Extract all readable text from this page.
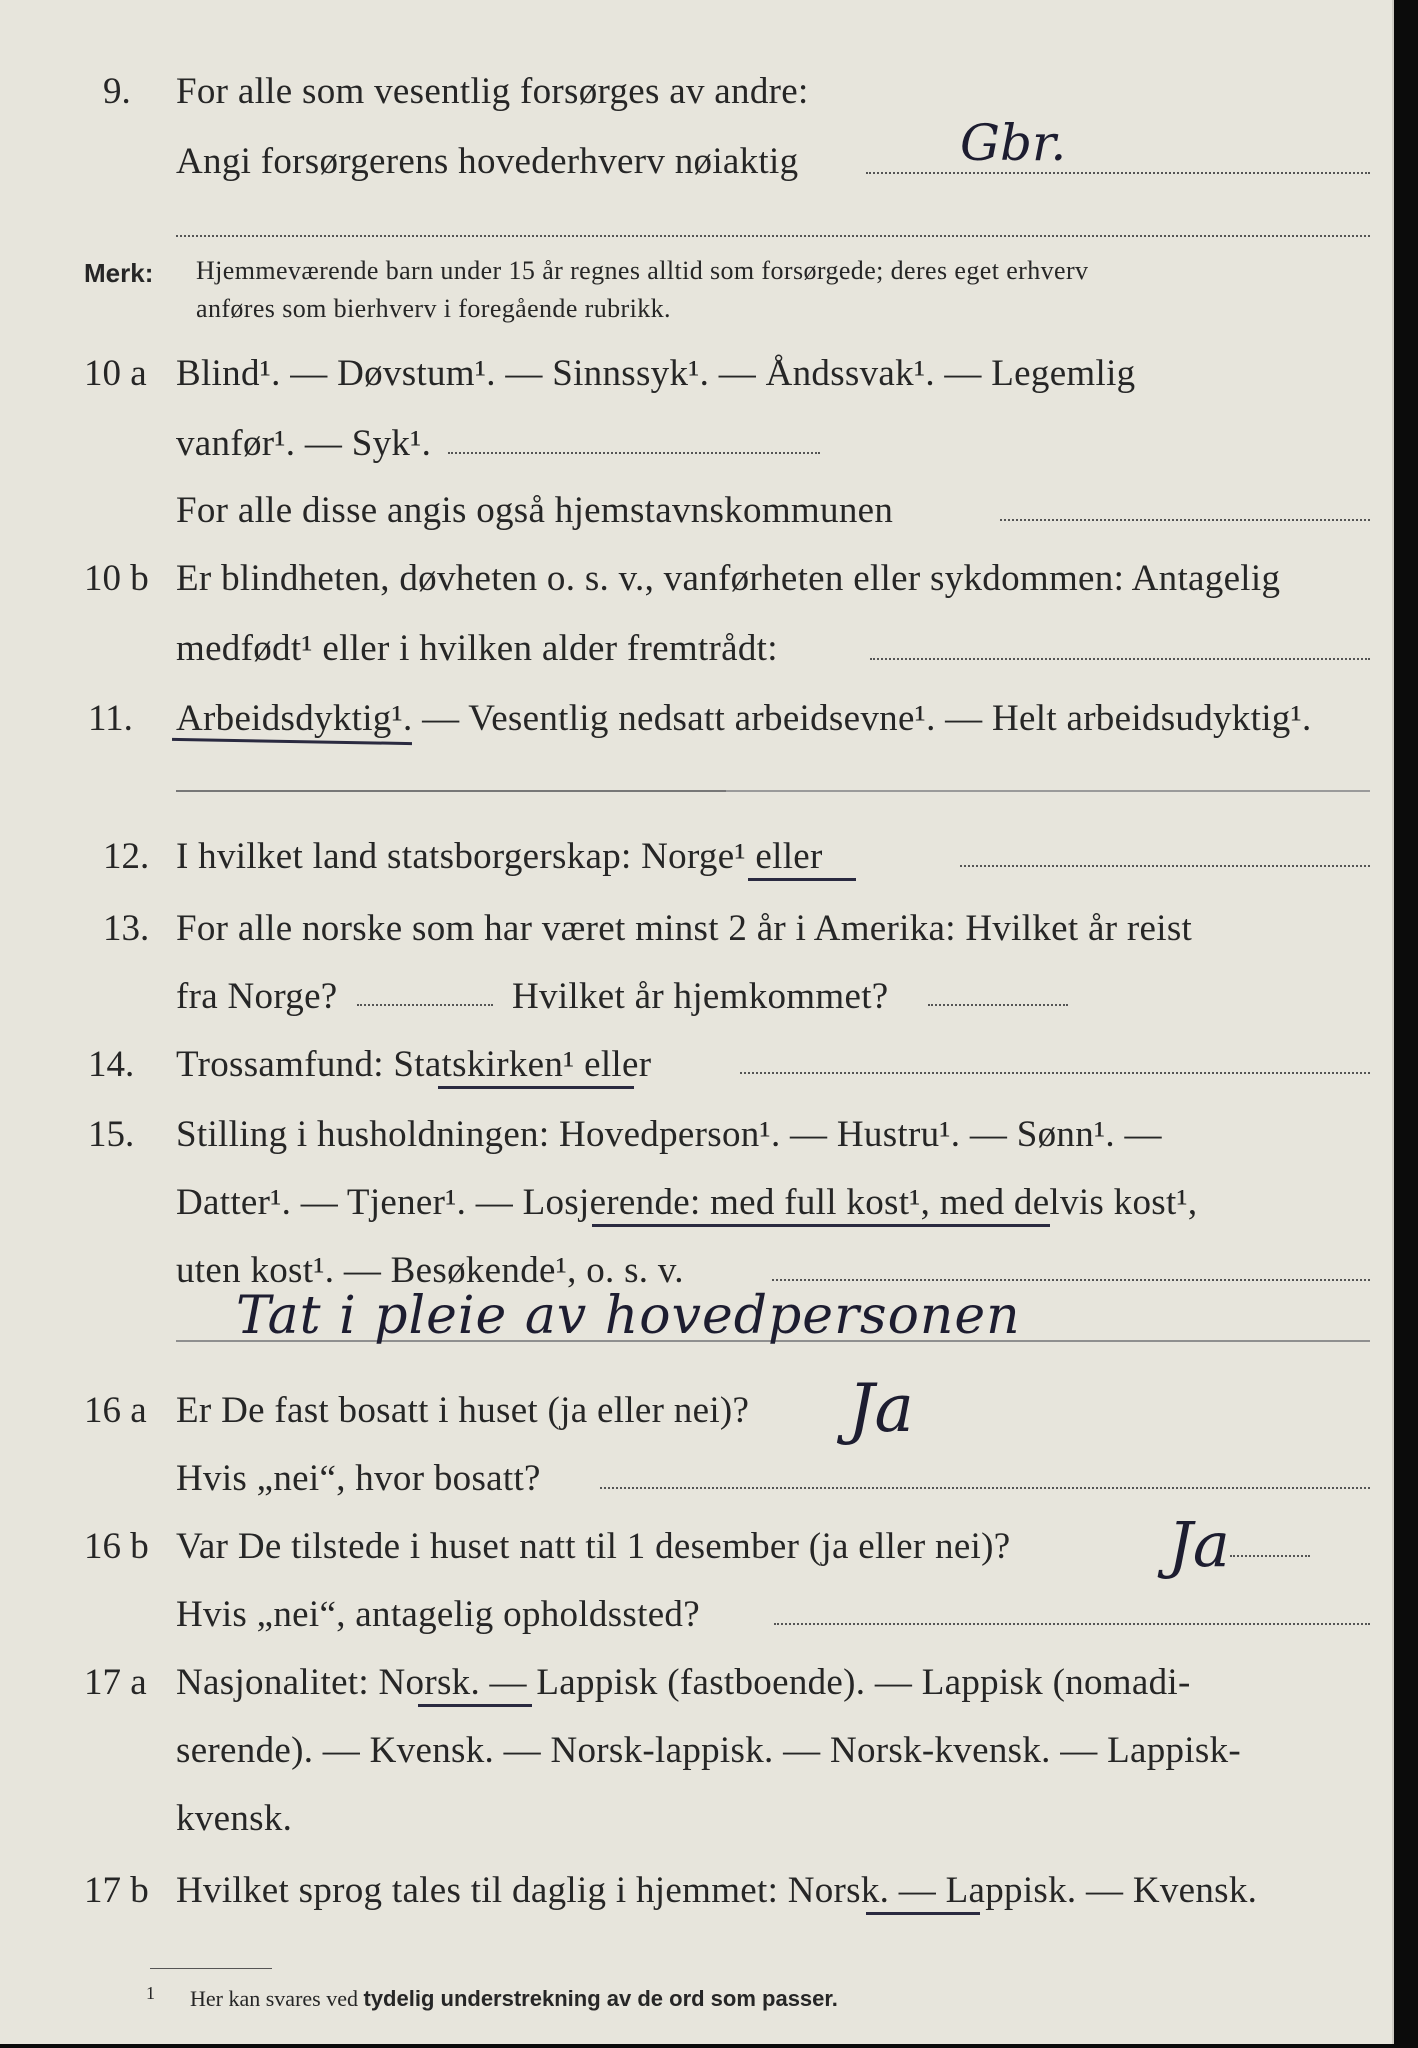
9. For alle som vesentlig forsørges av andre:
Angi forsørgerens hovederhverv nøiaktig	Gbr.
Merk: Hjemmeværende barn under 15 år regnes alltid som forsørgede; deres eget erhverv
anføres som bierhverv i foregående rubrikk.
10 a Blind¹. — Døvstum¹. — Sinnssyk¹. — Åndssvak¹. — Legemlig
vanfør¹. — Syk¹.
For alle disse angis også hjemstavnskommunen
10 b Er blindheten, døvheten o. s. v., vanførheten eller sykdommen: Antagelig
medfødt¹ eller i hvilken alder fremtrådt:
11. Arbeidsdyktig¹. — Vesentlig nedsatt arbeidsevne¹. — Helt arbeidsudyktig¹.
12. I hvilket land statsborgerskap: Norge¹ eller
13. For alle norske som har været minst 2 år i Amerika: Hvilket år reist
fra Norge?	Hvilket år hjemkommet?
14. Trossamfund: Statskirken¹ eller
15. Stilling i husholdningen: Hovedperson¹. — Hustru¹. — Sønn¹. —
Datter¹. — Tjener¹. — Losjerende: med full kost¹, med delvis kost¹,
uten kost¹. — Besøkende¹, o. s. v.
Tat i pleie av hovedpersonen
16 a Er De fast bosatt i huset (ja eller nei)? Ja
Hvis „nei“, hvor bosatt?
16 b Var De tilstede i huset natt til 1 desember (ja eller nei)?	Ja
Hvis „nei“, antagelig opholdssted?
17 a Nasjonalitet: Norsk. — Lappisk (fastboende). — Lappisk (nomadi-
serende). — Kvensk. — Norsk-lappisk. — Norsk-kvensk. — Lappisk-
kvensk.
17 b Hvilket sprog tales til daglig i hjemmet: Norsk. — Lappisk. — Kvensk.
1 Her kan svares ved tydelig understrekning av de ord som passer.
